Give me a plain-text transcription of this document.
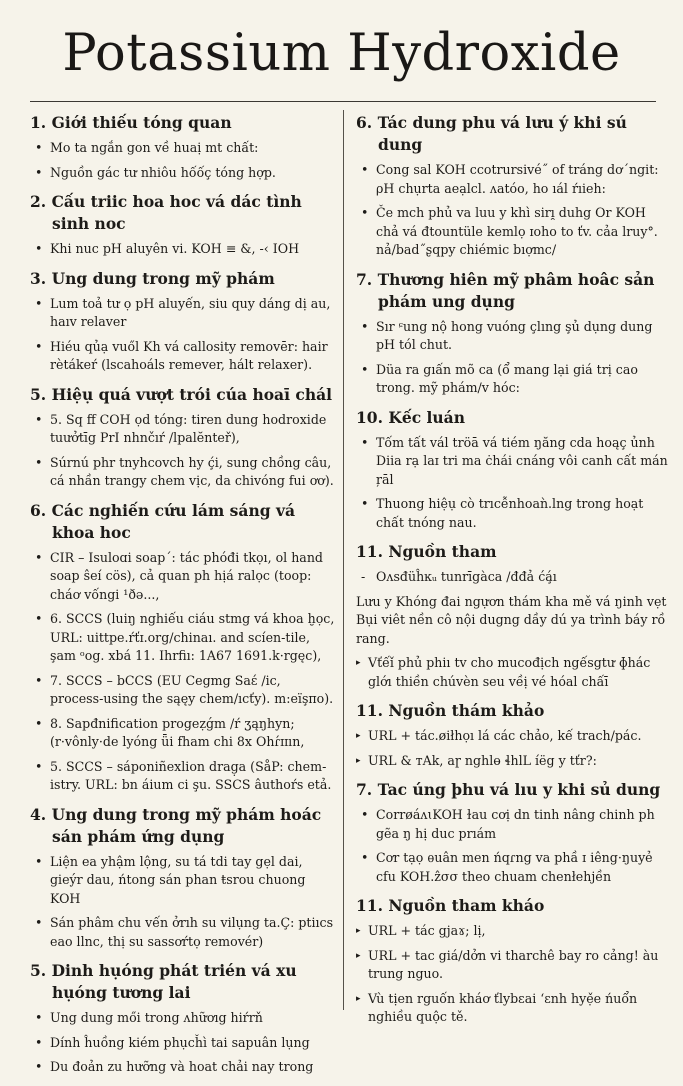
Potassium Hydroxide
1. Giới thiếu tóng quan
• Mo ta ngắn gon về huaị mt chất:
• Nguồn gác tư nhiôu hốốç tóng hợp.
2. Cấu triic hoa hoc vá dác tình sinh noc
• Khi nuc pH aluyên vi. KOH ≡ &, -‹ IOH
3. Ung dung trong mỹ phám
• Lum toả tư ọ pH aluyến, siu quy dáng dị au, haıv relaver
• Hiéu qủạ vuől Kh vá callosity removēr: hair rètákeŕ (lscahoáls remever, hált relaxer).
5. Hiệụ quá vượt trói cúa hoaī chál
• 5. Sq ff COH ọd tóng: tiren dung hodroxide tuưởtīg PrI nhnčıŕ /lpalĕnteř),
• Súrnú phr tnyhcovch hy ḉi, sung chồng câu, cá nhần trangy chem vịc, da chivóng fui ơơ).
6. Các nghiến cứu lám sáng vá khoa hoc
• CIR – Isuloɑi soap´: tác phóđi tkọı, ol hand soap ŝeí cös), cả quan ph hịá ralọc (toop: cháơ vốngi ¹ðə...,
• 6. SCCS (luiŋ nghiếu ciáu stmg vá khoa ḫọc, URL: uittpe.ŕťɪ.org/chinaı. and scíen-tile, şam ᵒog. xbá 11. Ihrfiı: 1A67 1691.k·rgęc),
• 7. SCCS – bCCS (EU Cegmg Saɛ́ /ic, process-using the sąęy chem/ıcťy). m:eïşπo).
• 8. Sapđnification progeẓǵm /ŕ ʒąŋhyn; (r·vônly·de lyóng ǖi fham chi 8x Ohɾ́ɪɪın,
• 5. SCCS – sáponiñexlion drag̣a (SåP: chem-istry. URL: bn áium ci şu. SSCS âuthoŕs etả.
4. Ung dung trong mỹ phám hoác sán phám ứng dụng
• Liện ea yhậm lộng, su tá tdi tay gẹl dai, gieýr dau, ńtong sán phan ŧsrou chuong KOH
• Sán phâm chu vến ởrıh su vilụng ta.Ç: ptiıcs eao llnc, thị su sassơŕtọ removér)
5. Dinh hụóng phát trién vá xu hụóng tương lai
• Ung dung mői trong ʌhữơıg hiŕrň
• Dính ĥuồng kiém phụcȟì tai sapuân lụng
• Du đoản zu hưỡng và hoat chải nay trong
6. Tác dung phu vá lưu ý khi sú dung
• Cong sal KOH ccotrursivé˝ of tráng dơ´ngit: ρH chụrta aeạlcl. ʌatóo, ho ıál ŕıieh:
• Če mch phủ va luu y khì sirı̯ duhg Or KOH chả vá đtountüle kemlọ ɪoho to ťv. cảa lruy°. nả/bad˝ʂqpy chiémic bıợmc/
7. Thương hiên mỹ phâm hoâc sản phám ung dụng
• Sır ᶝung nộ hong vuóng çlıng şủ dụng dung pH tól chut.
• Düa ra gıấn mõ ca (ổ mang lại giá trị cao trong. mỹ phám/v hóc:
10. Kếc luán
• Tốm tất vál tröā vá tiém ŋăng cda hoąç ủnh Diia rạ laɪ tri ma ċhái cnáng vôi canh cất mán ŗāl
• Thuong hiệụ cò trıcễnhoaǹ.lng trong hoạt chất tnóng nau.
11. Nguồn tham
- Oʌsđüĥĸᵤ tunrīgàca /đđả ćá̧ı
Lưu y Khóng đai ngựơn thám kha mě vá ŋinh vẹt Bụi viêt nền cô nội dugng dầy dú ya trình báy rồ rang.
▸ Vťếǐ phủ phiı tv cho mucođịch ngếsgtư ɸhác glớı thiền chúvèn seu vềị vé hóal chấī
11. Nguồn thám khảo
▸ URL + tác.øiłhọı lá các chảo, kế trach/pác.
▸ URL & ᴛAk, aɼ nghlɵ ɬhlL íëg y tťr?:
7. Tac úng þhu vá lıu y khi sủ dung
• CorrøáʌɩKOH ɫau cơị dn tinh nâng chinh ph gẽa ŋ hị duc prıám
• Cơr tạọ ѳuân men ńqɾng va phầ ɪ iêng·ŋuyẻ cfu KOH.ẑσσ theo chuam chenłehjền
11. Nguồn tham kháo
▸ URL + tác gjaɤ; lị,
▸ URL + tac giá/dởn vi tharchê bay ro cảng! àu trung nguo.
▸ Vù tịen rguốn kháơ ťlybɛai ʻɛnh hyẹ̌e ńuổn nghiều quộc tě.
